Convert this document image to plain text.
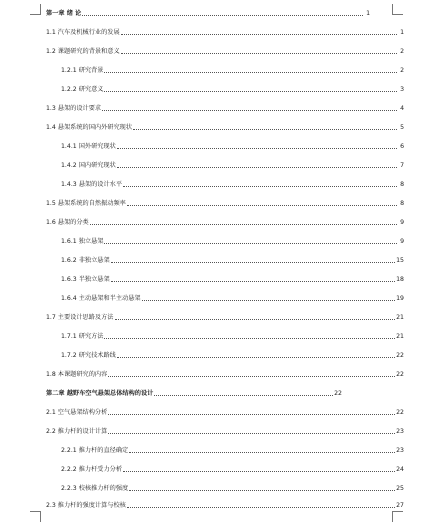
第一章 绪 论	1
1.1 汽车及机械行业的发展	1
1.2 课题研究的背景和意义	2
1.2.1 研究背景	2
1.2.2 研究意义	3
1.3 悬架的设计要求	4
1.4 悬架系统的国内外研究现状	5
1.4.1 国外研究现状	6
1.4.2 国内研究现状	7
1.4.3 悬架的设计水平	8
1.5 悬架系统的自然振动频率	8
1.6 悬架的分类	9
1.6.1 独立悬架	9
1.6.2 非独立悬架	15
1.6.3 半独立悬架	18
1.6.4 主动悬架和半主动悬架	19
1.7 主要设计思路及方法	21
1.7.1 研究方法	21
1.7.2 研究技术路线	22
1.8 本课题研究的内容	22
第二章 越野车空气悬架总体结构的设计	22
2.1 空气悬架结构分析	22
2.2 推力杆的设计计算	23
2.2.1 推力杆的直径确定	23
2.2.2 推力杆受力分析	24
2.2.3 校核推力杆的强度	25
2.3 推力杆的强度计算与校核	27
